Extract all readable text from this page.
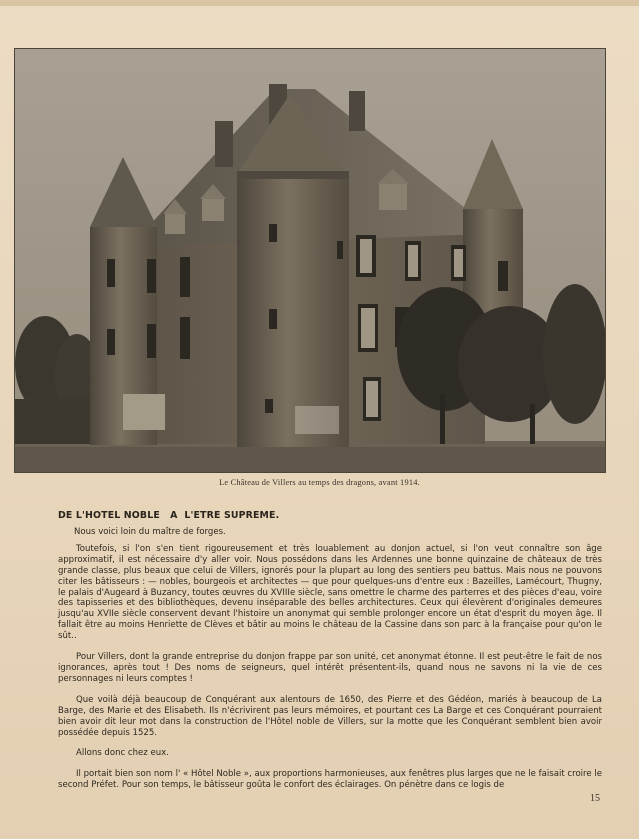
Le Château de Villers au temps des dragons, avant 1914.
DE L'HOTEL NOBLE   A  L'ETRE SUPREME.

Nous voici loin du maître de forges.

Toutefois, si l'on s'en tient rigoureusement et très louablement au donjon actuel, si l'on veut connaître son âge approximatif, il est nécessaire d'y aller voir. Nous possédons dans les Ardennes une bonne quinzaine de châteaux de très grande classe, plus beaux que celui de Villers, ignorés pour la plupart au long des sentiers peu battus. Mais nous ne pouvons citer les bâtisseurs : — nobles, bourgeois et architectes — que pour quelques-uns d'entre eux : Bazeilles, Lamécourt, Thugny, le palais d'Augeard à Buzancy, toutes œuvres du XVIIIe siècle, sans omettre le charme des parterres et des pièces d'eau, voire des tapisseries et des bibliothèques, devenu inséparable des belles architectures. Ceux qui élevèrent d'originales demeures jusqu'au XVIIe siècle conservent devant l'histoire un anonymat qui semble prolonger encore un état d'esprit du moyen âge. Il fallait être au moins Henriette de Clèves et bâtir au moins le château de la Cassine dans son parc à la française pour qu'on le sût..

Pour Villers, dont la grande entreprise du donjon frappe par son unité, cet anonymat étonne. Il est peut-être le fait de nos ignorances, après tout ! Des noms de seigneurs, quel intérêt présentent-ils, quand nous ne savons ni la vie de ces personnages ni leurs comptes !

Que voilà déjà beaucoup de Conquérant aux alentours de 1650, des Pierre et des Gédéon, mariés à beaucoup de La Barge, des Marie et des Elisabeth. Ils n'écrivirent pas leurs mémoires, et pourtant ces La Barge et ces Conquérant pourraient bien avoir dit leur mot dans la construction de l'Hôtel noble de Villers, sur la motte que les Conquérant semblent bien avoir possédée depuis 1525.

Allons donc chez eux.

Il portait bien son nom l' « Hôtel Noble », aux proportions harmonieuses, aux fenêtres plus larges que ne le faisait croire le second Préfet. Pour son temps, le bâtisseur goûta le confort des éclairages. On pénètre dans ce logis de

15
